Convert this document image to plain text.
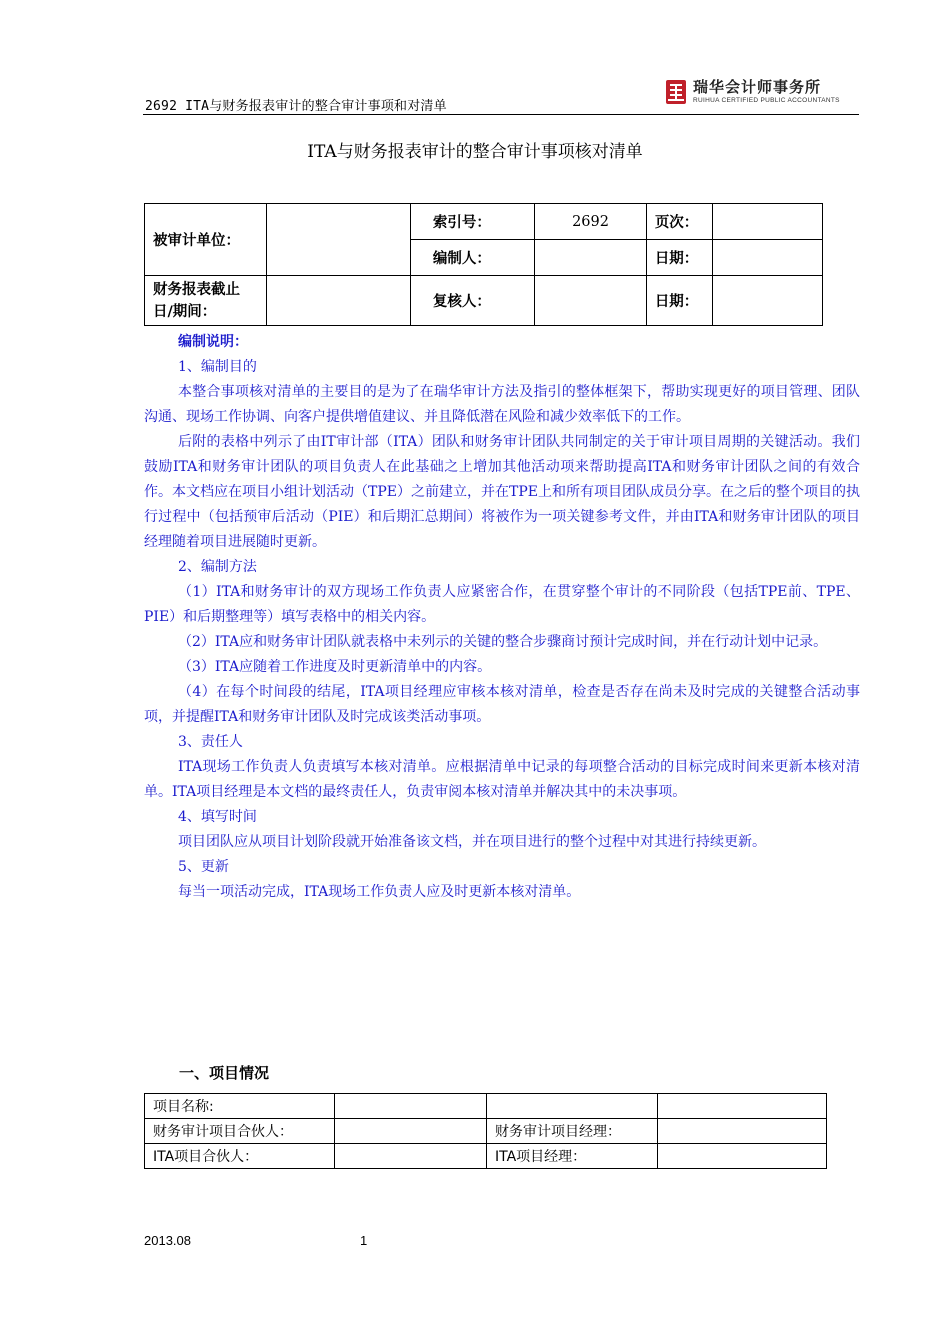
2692 ITA与财务报表审计的整合审计事项和对清单
瑞华会计师事务所
RUIHUA CERTIFIED PUBLIC ACCOUNTANTS
ITA与财务报表审计的整合审计事项核对清单
被审计单位：		索引号：	2692	页次：	
		编制人：		日期：	
财务报表截止日/期间：		复核人：		日期：	

编制说明：

1、编制目的

本整合事项核对清单的主要目的是为了在瑞华审计方法及指引的整体框架下，帮助实现更好的项目管理、团队沟通、现场工作协调、向客户提供增值建议、并且降低潜在风险和减少效率低下的工作。

后附的表格中列示了由IT审计部（ITA）团队和财务审计团队共同制定的关于审计项目周期的关键活动。我们鼓励ITA和财务审计团队的项目负责人在此基础之上增加其他活动项来帮助提高ITA和财务审计团队之间的有效合作。本文档应在项目小组计划活动（TPE）之前建立，并在TPE上和所有项目团队成员分享。在之后的整个项目的执行过程中（包括预审后活动（PIE）和后期汇总期间）将被作为一项关键参考文件，并由ITA和财务审计团队的项目经理随着项目进展随时更新。

2、编制方法

（1）ITA和财务审计的双方现场工作负责人应紧密合作，在贯穿整个审计的不同阶段（包括TPE前、TPE、PIE）和后期整理等）填写表格中的相关内容。

（2）ITA应和财务审计团队就表格中未列示的关键的整合步骤商讨预计完成时间，并在行动计划中记录。

（3）ITA应随着工作进度及时更新清单中的内容。

（4）在每个时间段的结尾，ITA项目经理应审核本核对清单，检查是否存在尚未及时完成的关键整合活动事项，并提醒ITA和财务审计团队及时完成该类活动事项。

3、责任人

ITA现场工作负责人负责填写本核对清单。应根据清单中记录的每项整合活动的目标完成时间来更新本核对清单。ITA项目经理是本文档的最终责任人，负责审阅本核对清单并解决其中的未决事项。

4、填写时间

项目团队应从项目计划阶段就开始准备该文档，并在项目进行的整个过程中对其进行持续更新。

5、更新

每当一项活动完成，ITA现场工作负责人应及时更新本核对清单。

一、项目情况
项目名称:			
财务审计项目合伙人：		财务审计项目经理：	
ITA项目合伙人：		ITA项目经理：	
2013.08	1
